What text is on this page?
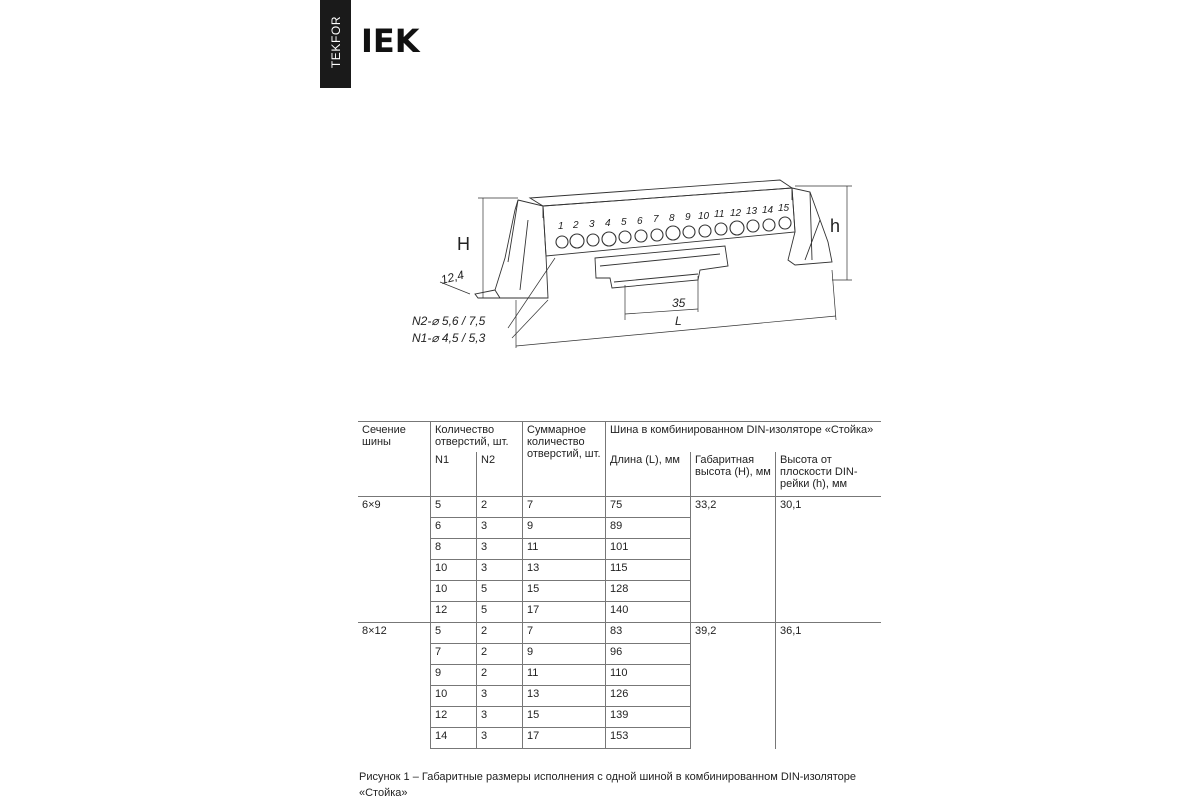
TEKFOR IEK
1 2 3 4 5 6 7 8 9 10 11 12 13 14 15
H
h
12,4
35
L
N2-⌀ 5,6 / 7,5
N1-⌀ 4,5 / 5,3
Сечение шины	Количество отверстий, шт.		Суммарное количество отверстий, шт.	Шина в комбинированном DIN-изоляторе «Стойка»		
	N1	N2		Длина (L), мм	Габаритная высота (H), мм	Высота от плоскости DIN-рейки (h), мм
6×9	5	2	7	75	33,2	30,1
	6	3	9	89		
	8	3	11	101		
	10	3	13	115		
	10	5	15	128		
	12	5	17	140		
8×12	5	2	7	83	39,2	36,1
	7	2	9	96		
	9	2	11	110		
	10	3	13	126		
	12	3	15	139		
	14	3	17	153		
Рисунок 1 – Габаритные размеры исполнения с одной шиной в комбинированном DIN-изоляторе «Стойка»
